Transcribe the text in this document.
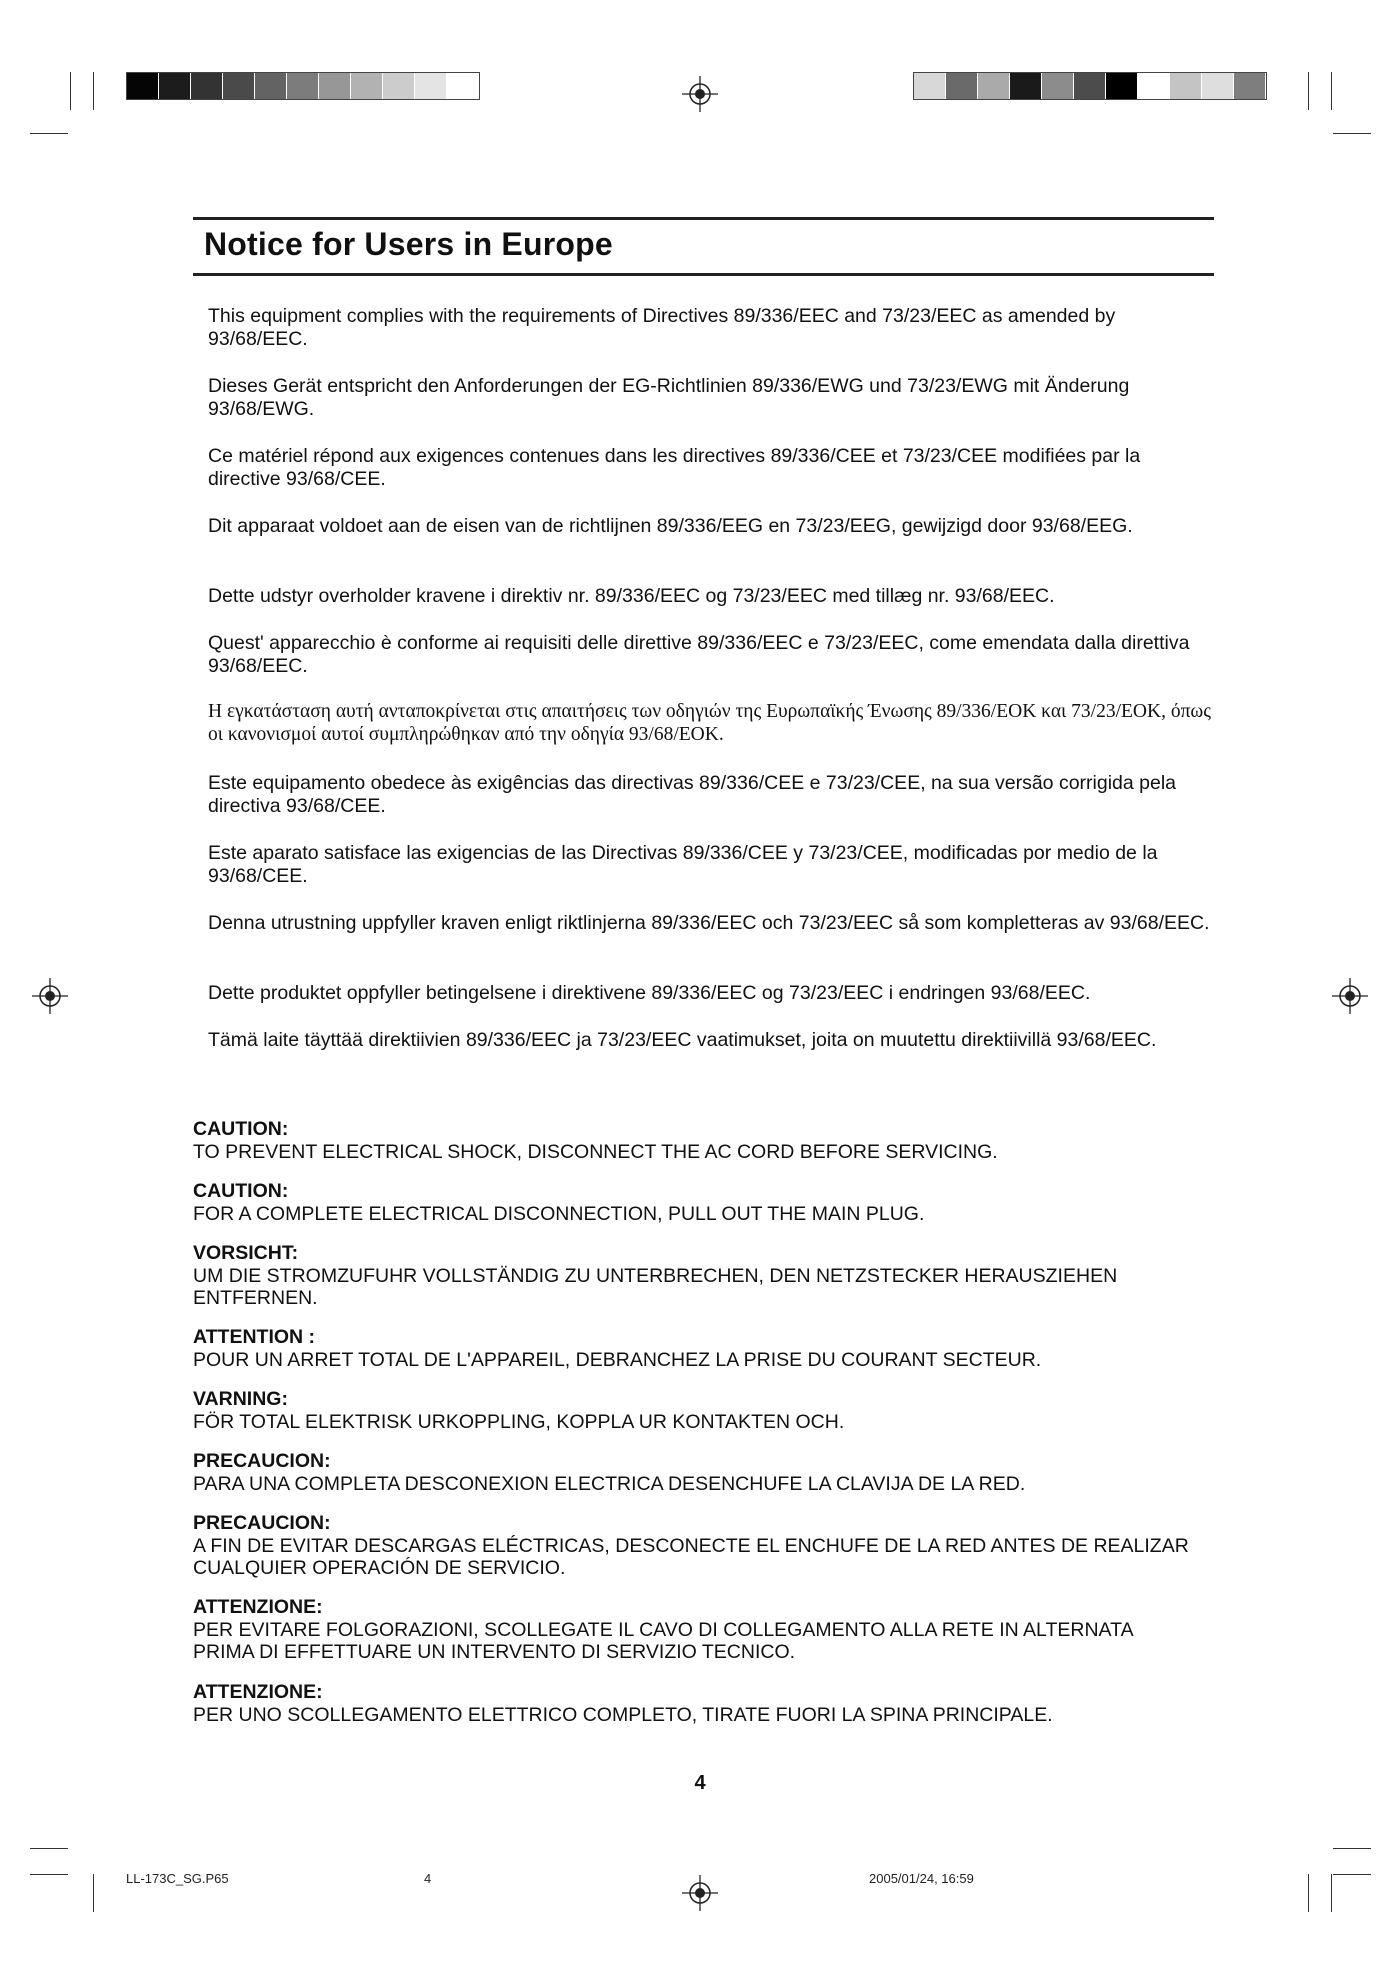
Notice for Users in Europe

This equipment complies with the requirements of Directives 89/336/EEC and 73/23/EEC as amended by 93/68/EEC.

Dieses Gerät entspricht den Anforderungen der EG-Richtlinien 89/336/EWG und 73/23/EWG mit Änderung 93/68/EWG.

Ce matériel répond aux exigences contenues dans les directives 89/336/CEE et 73/23/CEE modifiées par la directive 93/68/CEE.

Dit apparaat voldoet aan de eisen van de richtlijnen 89/336/EEG en 73/23/EEG, gewijzigd door 93/68/EEG.

Dette udstyr overholder kravene i direktiv nr. 89/336/EEC og 73/23/EEC med tillæg nr. 93/68/EEC.

Quest' apparecchio è conforme ai requisiti delle direttive 89/336/EEC e 73/23/EEC, come emendata dalla direttiva 93/68/EEC.

Η εγκατάσταση αυτή ανταποκρίνεται στις απαιτήσεις των οδηγιών της Ευρωπαϊκής Ένωσης 89/336/ΕΟΚ και 73/23/ΕΟΚ, όπως οι κανονισμοί αυτοί συμπληρώθηκαν από την οδηγία 93/68/ΕΟΚ.

Este equipamento obedece às exigências das directivas 89/336/CEE e 73/23/CEE, na sua versão corrigida pela directiva 93/68/CEE.

Este aparato satisface las exigencias de las Directivas 89/336/CEE y 73/23/CEE, modificadas por medio de la 93/68/CEE.

Denna utrustning uppfyller kraven enligt riktlinjerna 89/336/EEC och 73/23/EEC så som kompletteras av 93/68/EEC.

Dette produktet oppfyller betingelsene i direktivene 89/336/EEC og 73/23/EEC i endringen 93/68/EEC.

Tämä laite täyttää direktiivien 89/336/EEC ja 73/23/EEC vaatimukset, joita on muutettu direktiivillä 93/68/EEC.

CAUTION:
TO PREVENT ELECTRICAL SHOCK, DISCONNECT THE AC CORD BEFORE SERVICING.
CAUTION:
FOR A COMPLETE ELECTRICAL DISCONNECTION, PULL OUT THE MAIN PLUG.
VORSICHT:
UM DIE STROMZUFUHR VOLLSTÄNDIG ZU UNTERBRECHEN, DEN NETZSTECKER HERAUSZIEHEN ENTFERNEN.
ATTENTION :
POUR UN ARRET TOTAL DE L'APPAREIL, DEBRANCHEZ LA PRISE DU COURANT SECTEUR.
VARNING:
FÖR TOTAL ELEKTRISK URKOPPLING, KOPPLA UR KONTAKTEN OCH.
PRECAUCION:
PARA UNA COMPLETA DESCONEXION ELECTRICA DESENCHUFE LA CLAVIJA DE LA RED.
PRECAUCION:
A FIN DE EVITAR DESCARGAS ELÉCTRICAS, DESCONECTE EL ENCHUFE DE LA RED ANTES DE REALIZAR CUALQUIER OPERACIÓN DE SERVICIO.
ATTENZIONE:
PER EVITARE FOLGORAZIONI, SCOLLEGATE IL CAVO DI COLLEGAMENTO ALLA RETE IN ALTERNATA PRIMA DI EFFETTUARE UN INTERVENTO DI SERVIZIO TECNICO.
ATTENZIONE:
PER UNO SCOLLEGAMENTO ELETTRICO COMPLETO, TIRATE FUORI LA SPINA PRINCIPALE.
4
LL-173C_SG.P65	4	2005/01/24, 16:59
